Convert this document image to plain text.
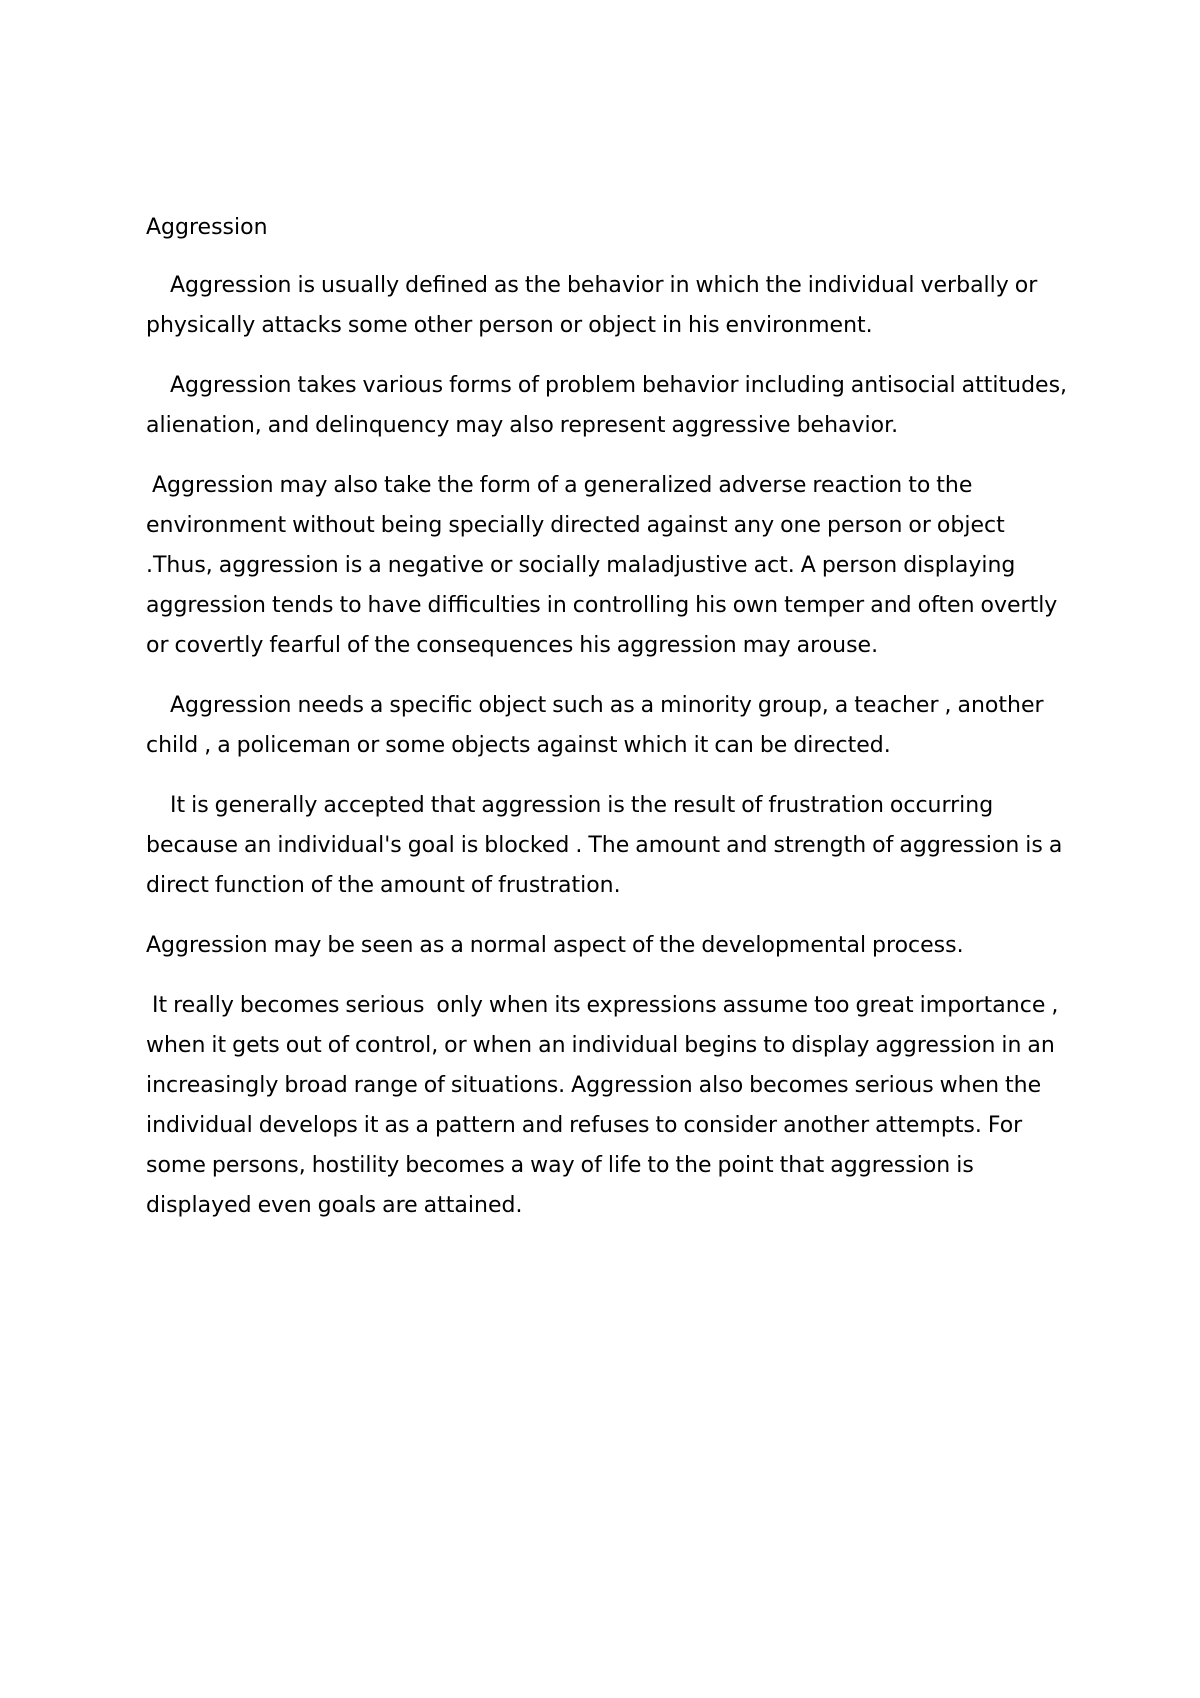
Aggression

Aggression is usually defined as the behavior in which the individual verbally or physically attacks some other person or object in his environment.

Aggression takes various forms of problem behavior including antisocial attitudes, alienation, and delinquency may also represent aggressive behavior.

Aggression may also take the form of a generalized adverse reaction to the environment without being specially directed against any one person or object .Thus, aggression is a negative or socially maladjustive act. A person displaying aggression tends to have difficulties in controlling his own temper and often overtly or covertly fearful of the consequences his aggression may arouse.

Aggression needs a specific object such as a minority group, a teacher , another child , a policeman or some objects against which it can be directed.

It is generally accepted that aggression is the result of frustration occurring because an individual's goal is blocked . The amount and strength of aggression is a direct function of the amount of frustration.

Aggression may be seen as a normal aspect of the developmental process.

It really becomes serious  only when its expressions assume too great importance , when it gets out of control, or when an individual begins to display aggression in an increasingly broad range of situations. Aggression also becomes serious when the individual develops it as a pattern and refuses to consider another attempts. For some persons, hostility becomes a way of life to the point that aggression is displayed even goals are attained.
